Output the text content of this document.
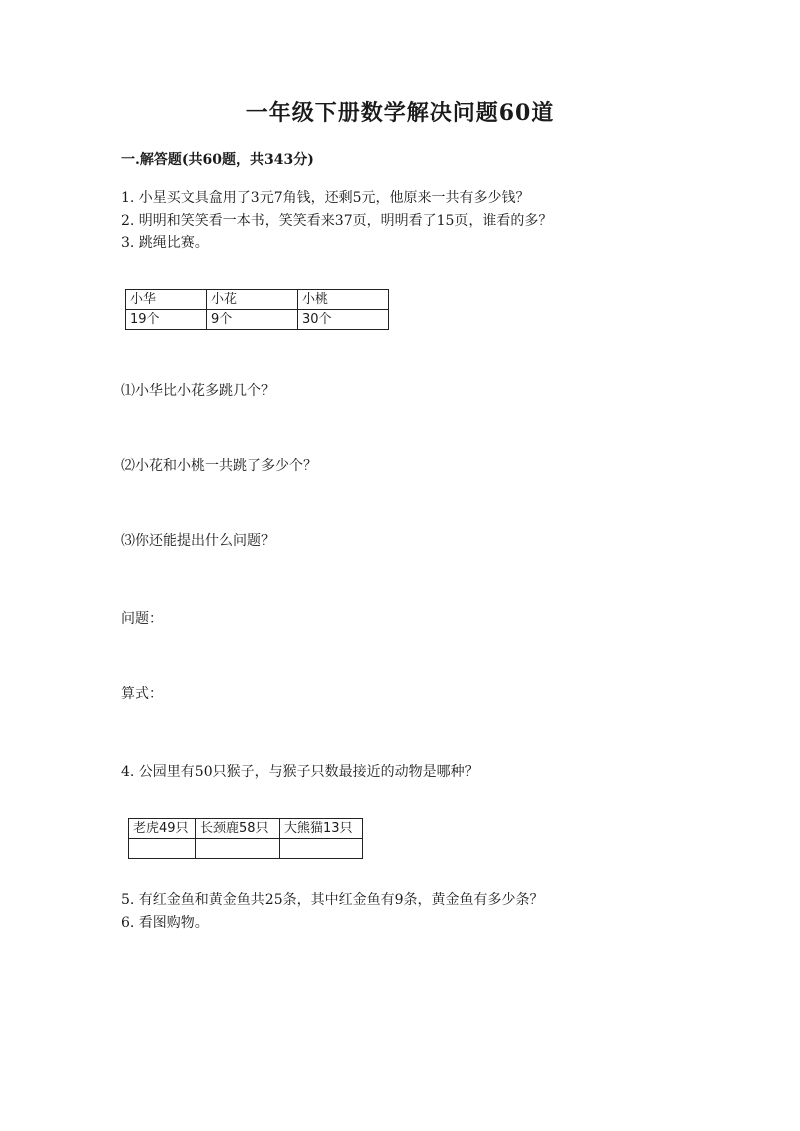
一年级下册数学解决问题60道
一.解答题(共60题，共343分)
1. 小星买文具盒用了3元7角钱，还剩5元，他原来一共有多少钱？
2. 明明和笑笑看一本书，笑笑看来37页，明明看了15页，谁看的多？
3. 跳绳比赛。
小华	小花	小桃
19个	9个	30个
⑴小华比小花多跳几个？
⑵小花和小桃一共跳了多少个？
⑶你还能提出什么问题？
问题：
算式：
4. 公园里有50只猴子，与猴子只数最接近的动物是哪种？
老虎49只	长颈鹿58只	大熊猫13只

5. 有红金鱼和黄金鱼共25条，其中红金鱼有9条，黄金鱼有多少条？
6. 看图购物。
